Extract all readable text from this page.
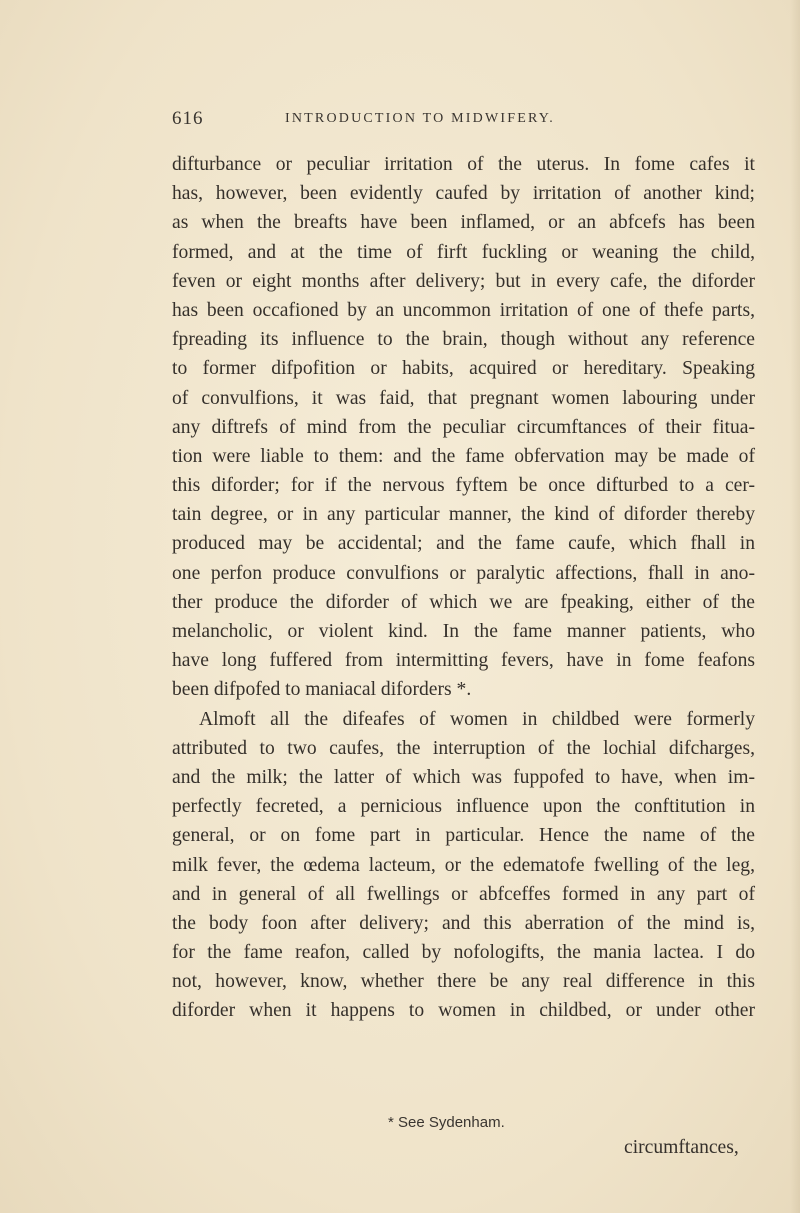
616	INTRODUCTION TO MIDWIFERY.
difturbance or peculiar irritation of the uterus. In fome cafes it
has, however, been evidently caufed by irritation of another kind;
as when the breafts have been inflamed, or an abfcefs has been
formed, and at the time of firft fuckling or weaning the child,
feven or eight months after delivery; but in every cafe, the diforder
has been occafioned by an uncommon irritation of one of thefe parts,
fpreading its influence to the brain, though without any reference
to former difpofition or habits, acquired or hereditary. Speaking
of convulfions, it was faid, that pregnant women labouring under
any diftrefs of mind from the peculiar circumftances of their fitua-
tion were liable to them: and the fame obfervation may be made of
this diforder; for if the nervous fyftem be once difturbed to a cer-
tain degree, or in any particular manner, the kind of diforder thereby
produced may be accidental; and the fame caufe, which fhall in
one perfon produce convulfions or paralytic affections, fhall in ano-
ther produce the diforder of which we are fpeaking, either of the
melancholic, or violent kind. In the fame manner patients, who
have long fuffered from intermitting fevers, have in fome feafons
been difpofed to maniacal diforders *.
Almoft all the difeafes of women in childbed were formerly
attributed to two caufes, the interruption of the lochial difcharges,
and the milk; the latter of which was fuppofed to have, when im-
perfectly fecreted, a pernicious influence upon the conftitution in
general, or on fome part in particular. Hence the name of the
milk fever, the œdema lacteum, or the edematofe fwelling of the leg,
and in general of all fwellings or abfceffes formed in any part of
the body foon after delivery; and this aberration of the mind is,
for the fame reafon, called by nofologifts, the mania lactea. I do
not, however, know, whether there be any real difference in this
diforder when it happens to women in childbed, or under other
* See Sydenham.
circumftances,
